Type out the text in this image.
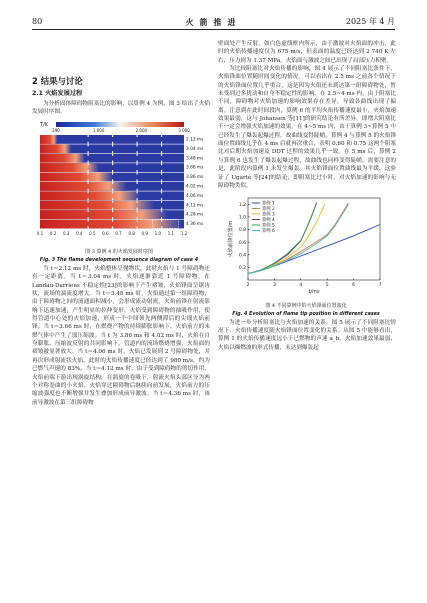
80	火箭推进	2025 年 4 月
2 结果与讨论
2.1 火焰发展过程

为分析固体障碍物阻塞比的影响，以算例 4 为例，图 3 给出了火焰发展时序图。

T/K
290	1 000	2 000	3 000
2.12 ms
3.04 ms
3.48 ms
3.66 ms
3.86 ms
4.02 ms
4.06 ms
4.12 ms
4.28 ms
4.36 ms
0.1 0.2 0.3 0.4 0.5 0.6 0.7 0.8 0.9 1.0 1.1 1.2
图 3 算例 4 的火焰发展时序图
Fig. 3 The flame development sequence diagram of case 4

当 t＝2.12 ms 时，火焰整体呈抛物状，此时火焰与 1 号障碍物还有一定距离。当 t＝3.04 ms 时，火焰逐渐靠近 1 号障碍物，在 Landau-Darrieus 不稳定性[23]的影响下产生褶皱，火焰锋面呈锯齿状，流场的湍流度增大。当 t＝3.48 ms 时，火焰通过第一组障碍物，由于障碍物之间的流通面积减小，会形成流动射流，火焰前锋在射流影响下迅速加速，产生明显的拉伸变形，火焰受到障碍物的抽吸作用，使得管道中心处的火焰加速，形成一个中间领先两侧滞后的尖细火焰前锋。当 t＝3.66 ms 时，在燃烧产物的持续膨胀影响下，火焰前方的未燃气体中产生了弱压缩波。当 t 为 3.86 ms 和 4.02 ms 时，火焰在自身膨胀、压缩波反射的共同影响下，管道内的流场燃烧增强，火焰面的褶皱被显著放大。当 t＝4.06 ms 时，火焰已发展到 2 号障碍物处，并再次形成射流状火焰，此时的火焰传播速度已经达到了 980 m/s，约为已燃气声速的 83%。当 t＝4.12 ms 时，由于受到障碍物的剪切作用，火焰前端下游出现涡旋结构，在涡旋的卷吸下，射流火焰头部区分为两个对称卷曲的小火焰。火焰穿过障碍物后继续向前发展，火焰前方的压缩波强度也不断增强并发生叠加形成前导激波。当 t＝4.36 ms 时，该前导激波在第三组障碍物

壁面处产生反射，如白色虚线框内所示，由于激波对火焰面的冲击，此时的火焰传播速度仅为 675 m/s，但表面的温度已经达到 2 740 K 左右，压力则为 1.37 MPa，火焰面与激波之间已出现了局部压力积聚。

为比较阻塞比对火焰传播的影响，图 4 展示了不同阻塞比条件下，火焰锋面位置随时间变化的情况。可以看出在 2.5 ms 之前各个情况下的火焰锋面位置几乎重合，这是因为火焰还未到达第一组障碍物处，暂未受到过多扰动和自身不稳定性的影响。在 2.5~4 ms 内，由于阻塞比不同，障碍物对火焰加速的影响效果存在差异，导致各曲线出现了偏离。注意到在此时间段内，算例 6 的平均火焰传播速度最小，火焰加速效果最弱，这与 Johansen 等[11]的研究结论有所差异，即增大阻塞比不一定会增强火焰加速的效果。在 4~5 ms 内，由于算例 3~算例 5 中已经发生了爆轰起爆过程，故曲线变得陡峭。算例 4 与算例 5 的火焰锋面位置曲线几乎在 4 ms 后就再次重合，表明 0.60 和 0.75 这两个阻塞比对后期火焰加速及 DDT 过程的效果几乎一致。在 5 ms 后，算例 2 与算例 6 也发生了爆轰起爆过程，故曲线也同样变得陡峭。需要注意的是，此阶段内算例 1 未发生爆轰。其火焰锋面位置曲线最为平缓，这验证了 Ugarte 等[24]的结论，即阻塞比过小时，对火焰加速的影响与无障碍物类似。

2	3	4	5	6	7
0.2
0.4
0.6
0.8
1.0
1.2
t/ms
火焰前锋位置/m
算例 1
算例 2
算例 3
算例 4
算例 5
算例 6
图 4 不同算例中的火焰锋面位置演化
Fig. 4 Evolution of flame tip position in different cases

为进一步分析阻塞比与火焰加速的关系，图 5 展示了不同阻塞比情况下，火焰传播速度随火焰锋面位置变化的关系。从图 5 中能够看出，算例 1 的火焰传播速度远小于已燃物的声速 a_b，火焰加速效果最弱，火焰以爆燃波的形式传播，未达到爆轰起
